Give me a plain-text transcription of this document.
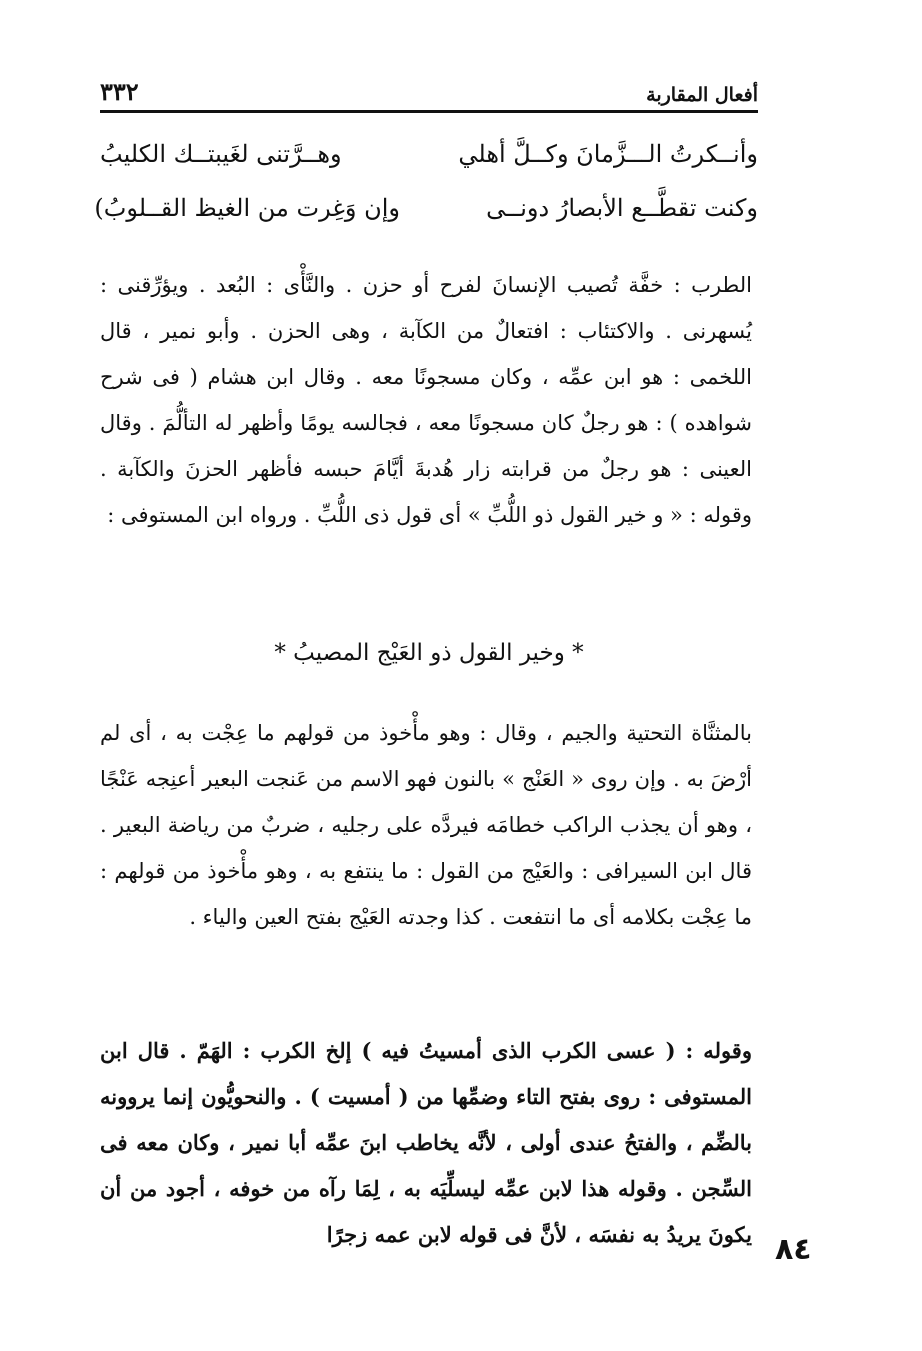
٣٣٢	أفعال المقاربة
وأنــكرتُ الـــزَّمانَ وكــلَّ أهلي
وهــرَّتنى لغَيبتــك الكليبُ
وكنت تقطَّــع الأبصارُ دونــى
وإن وَغِرت من الغيظ القــلوبُ)

الطرب : خفَّة تُصيب الإنسانَ لفرح أو حزن . والنَّأْى : البُعد . ويؤرِّقنى : يُسهرنى . والاكتئاب : افتعالٌ من الكآبة ، وهى الحزن . وأبو نمير ، قال اللخمى : هو ابن عمِّه ، وكان مسجونًا معه . وقال ابن هشام ( فى شرح شواهده ) : هو رجلٌ كان مسجونًا معه ، فجالسه يومًا وأظهر له التألُّمَ . وقال العينى : هو رجلٌ من قرابته زار هُدبةَ أيَّامَ حبسه فأظهر الحزنَ والكآبة . وقوله : « و خير القول ذو اللُّبِّ » أى قول ذى اللُّبِّ . ورواه ابن المستوفى :

* وخير القول ذو العَيْج المصيبُ *

بالمثنَّاة التحتية والجيم ، وقال : وهو مأْخوذ من قولهم ما عِجْت به ، أى لم أرْضَ به . وإن روى « العَنْج » بالنون فهو الاسم من عَنجت البعير أعنِجه عَنْجًا ، وهو أن يجذب الراكب خطامَه فيردَّه على رجليه ، ضربٌ من رياضة البعير . قال ابن السيرافى : والعَيْج من القول : ما ينتفع به ، وهو مأْخوذ من قولهم : ما عِجْت بكلامه أى ما انتفعت . كذا وجدته العَيْج بفتح العين والياء .

وقوله : ( عسى الكرب الذى أمسيتُ فيه ) إلخ الكرب : الهَمّ . قال ابن المستوفى : روى بفتح التاء وضمِّها من ( أمسيت ) . والنحويُّون إنما يروونه بالضِّم ، والفتحُ عندى أولى ، لأنَّه يخاطب ابنَ عمِّه أبا نمير ، وكان معه فى السِّجن . وقوله هذا لابن عمِّه ليسلِّيَه به ، لِمَا رآه من خوفه ، أجود من أن يكونَ يريدُ به نفسَه ، لأنَّ فى قوله لابن عمه زجرًا ٨٤
